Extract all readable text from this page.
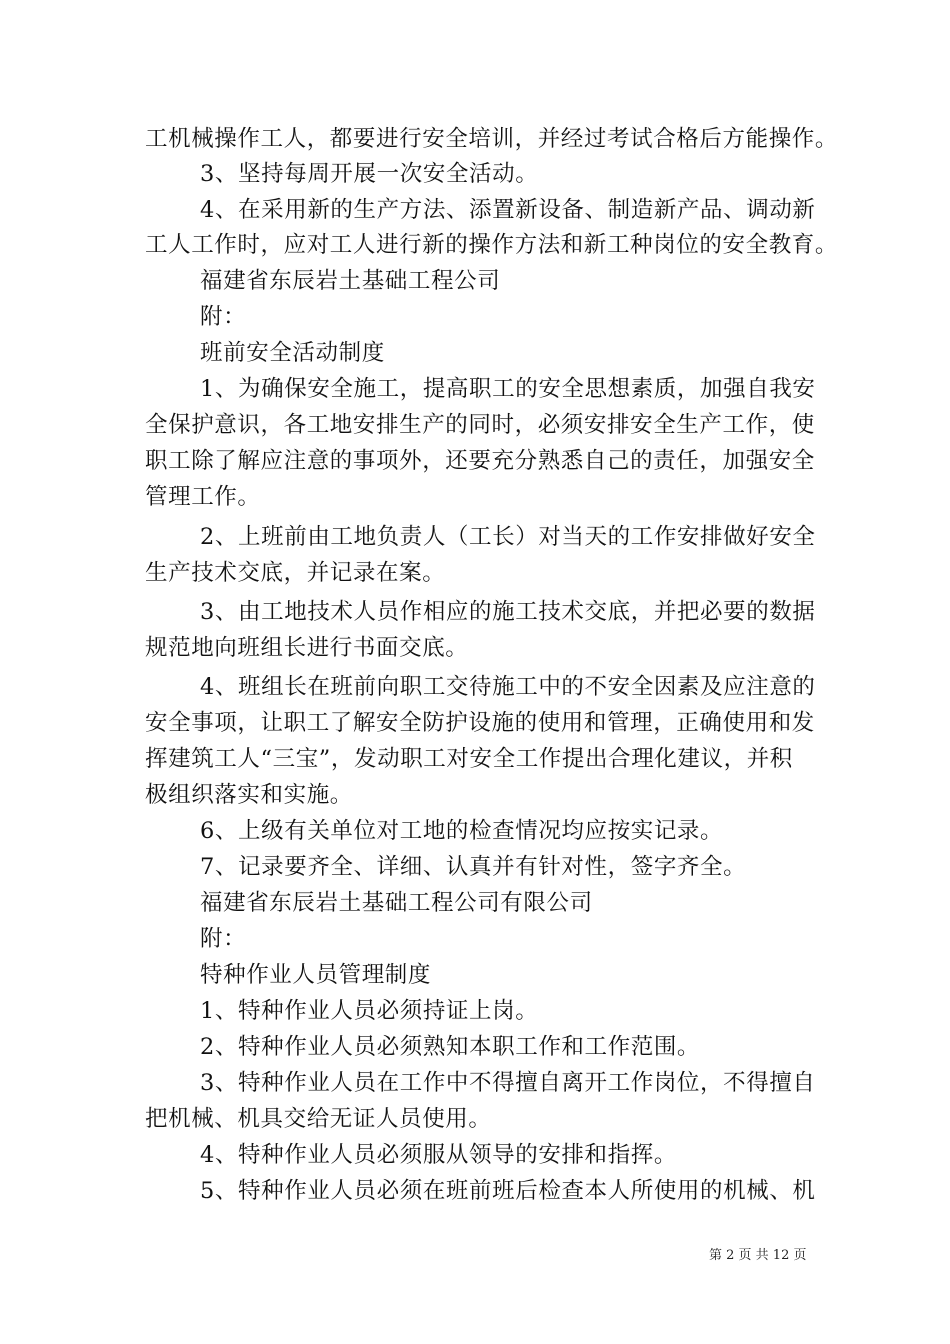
工机械操作工人，都要进行安全培训，并经过考试合格后方能操作。
3、坚持每周开展一次安全活动。
4、在采用新的生产方法、添置新设备、制造新产品、调动新
工人工作时，应对工人进行新的操作方法和新工种岗位的安全教育。
福建省东辰岩土基础工程公司
附：
班前安全活动制度
1、为确保安全施工，提高职工的安全思想素质，加强自我安
全保护意识，各工地安排生产的同时，必须安排安全生产工作，使
职工除了解应注意的事项外，还要充分熟悉自己的责任，加强安全
管理工作。
2、上班前由工地负责人（工长）对当天的工作安排做好安全
生产技术交底，并记录在案。
3、由工地技术人员作相应的施工技术交底，并把必要的数据
规范地向班组长进行书面交底。
4、班组长在班前向职工交待施工中的不安全因素及应注意的
安全事项，让职工了解安全防护设施的使用和管理，正确使用和发
挥建筑工人“三宝”，发动职工对安全工作提出合理化建议，并积
极组织落实和实施。
6、上级有关单位对工地的检查情况均应按实记录。
7、记录要齐全、详细、认真并有针对性，签字齐全。
福建省东辰岩土基础工程公司有限公司
附：
特种作业人员管理制度
1、特种作业人员必须持证上岗。
2、特种作业人员必须熟知本职工作和工作范围。
3、特种作业人员在工作中不得擅自离开工作岗位，不得擅自
把机械、机具交给无证人员使用。
4、特种作业人员必须服从领导的安排和指挥。
5、特种作业人员必须在班前班后检查本人所使用的机械、机
第 2 页 共 12 页
